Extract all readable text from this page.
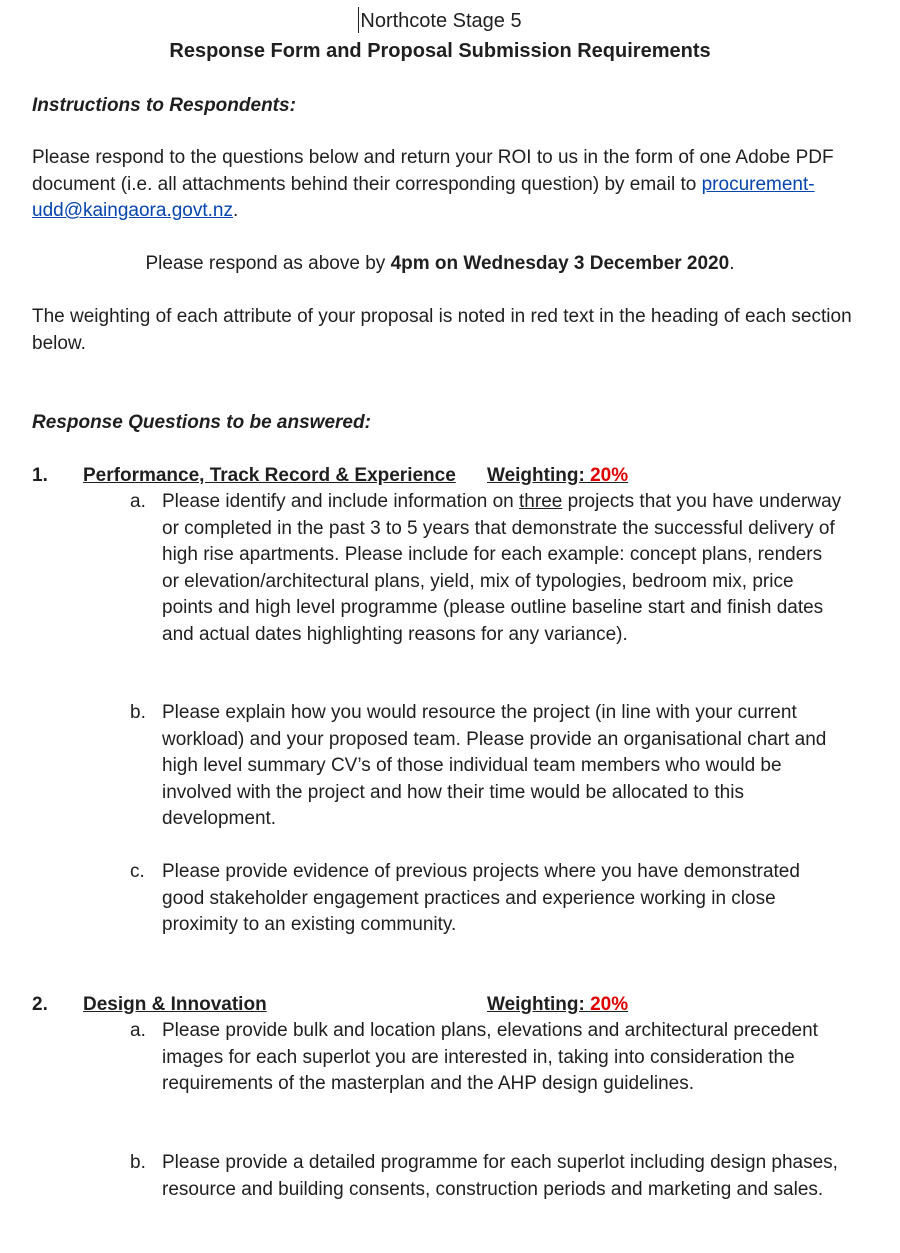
Northcote Stage 5
Response Form and Proposal Submission Requirements
Instructions to Respondents:
Please respond to the questions below and return your ROI to us in the form of one Adobe PDF document (i.e. all attachments behind their corresponding question) by email to procurement-udd@kaingaora.govt.nz.
Please respond as above by 4pm on Wednesday 3 December 2020.
The weighting of each attribute of your proposal is noted in red text in the heading of each section below.
Response Questions to be answered:
1. Performance, Track Record & Experience	Weighting: 20%
a. Please identify and include information on three projects that you have underway or completed in the past 3 to 5 years that demonstrate the successful delivery of high rise apartments. Please include for each example: concept plans, renders or elevation/architectural plans, yield, mix of typologies, bedroom mix, price points and high level programme (please outline baseline start and finish dates and actual dates highlighting reasons for any variance).
b. Please explain how you would resource the project (in line with your current workload) and your proposed team. Please provide an organisational chart and high level summary CV’s of those individual team members who would be involved with the project and how their time would be allocated to this development.
c. Please provide evidence of previous projects where you have demonstrated good stakeholder engagement practices and experience working in close proximity to an existing community.
2. Design & Innovation	Weighting: 20%
a. Please provide bulk and location plans, elevations and architectural precedent images for each superlot you are interested in, taking into consideration the requirements of the masterplan and the AHP design guidelines.
b. Please provide a detailed programme for each superlot including design phases, resource and building consents, construction periods and marketing and sales.
